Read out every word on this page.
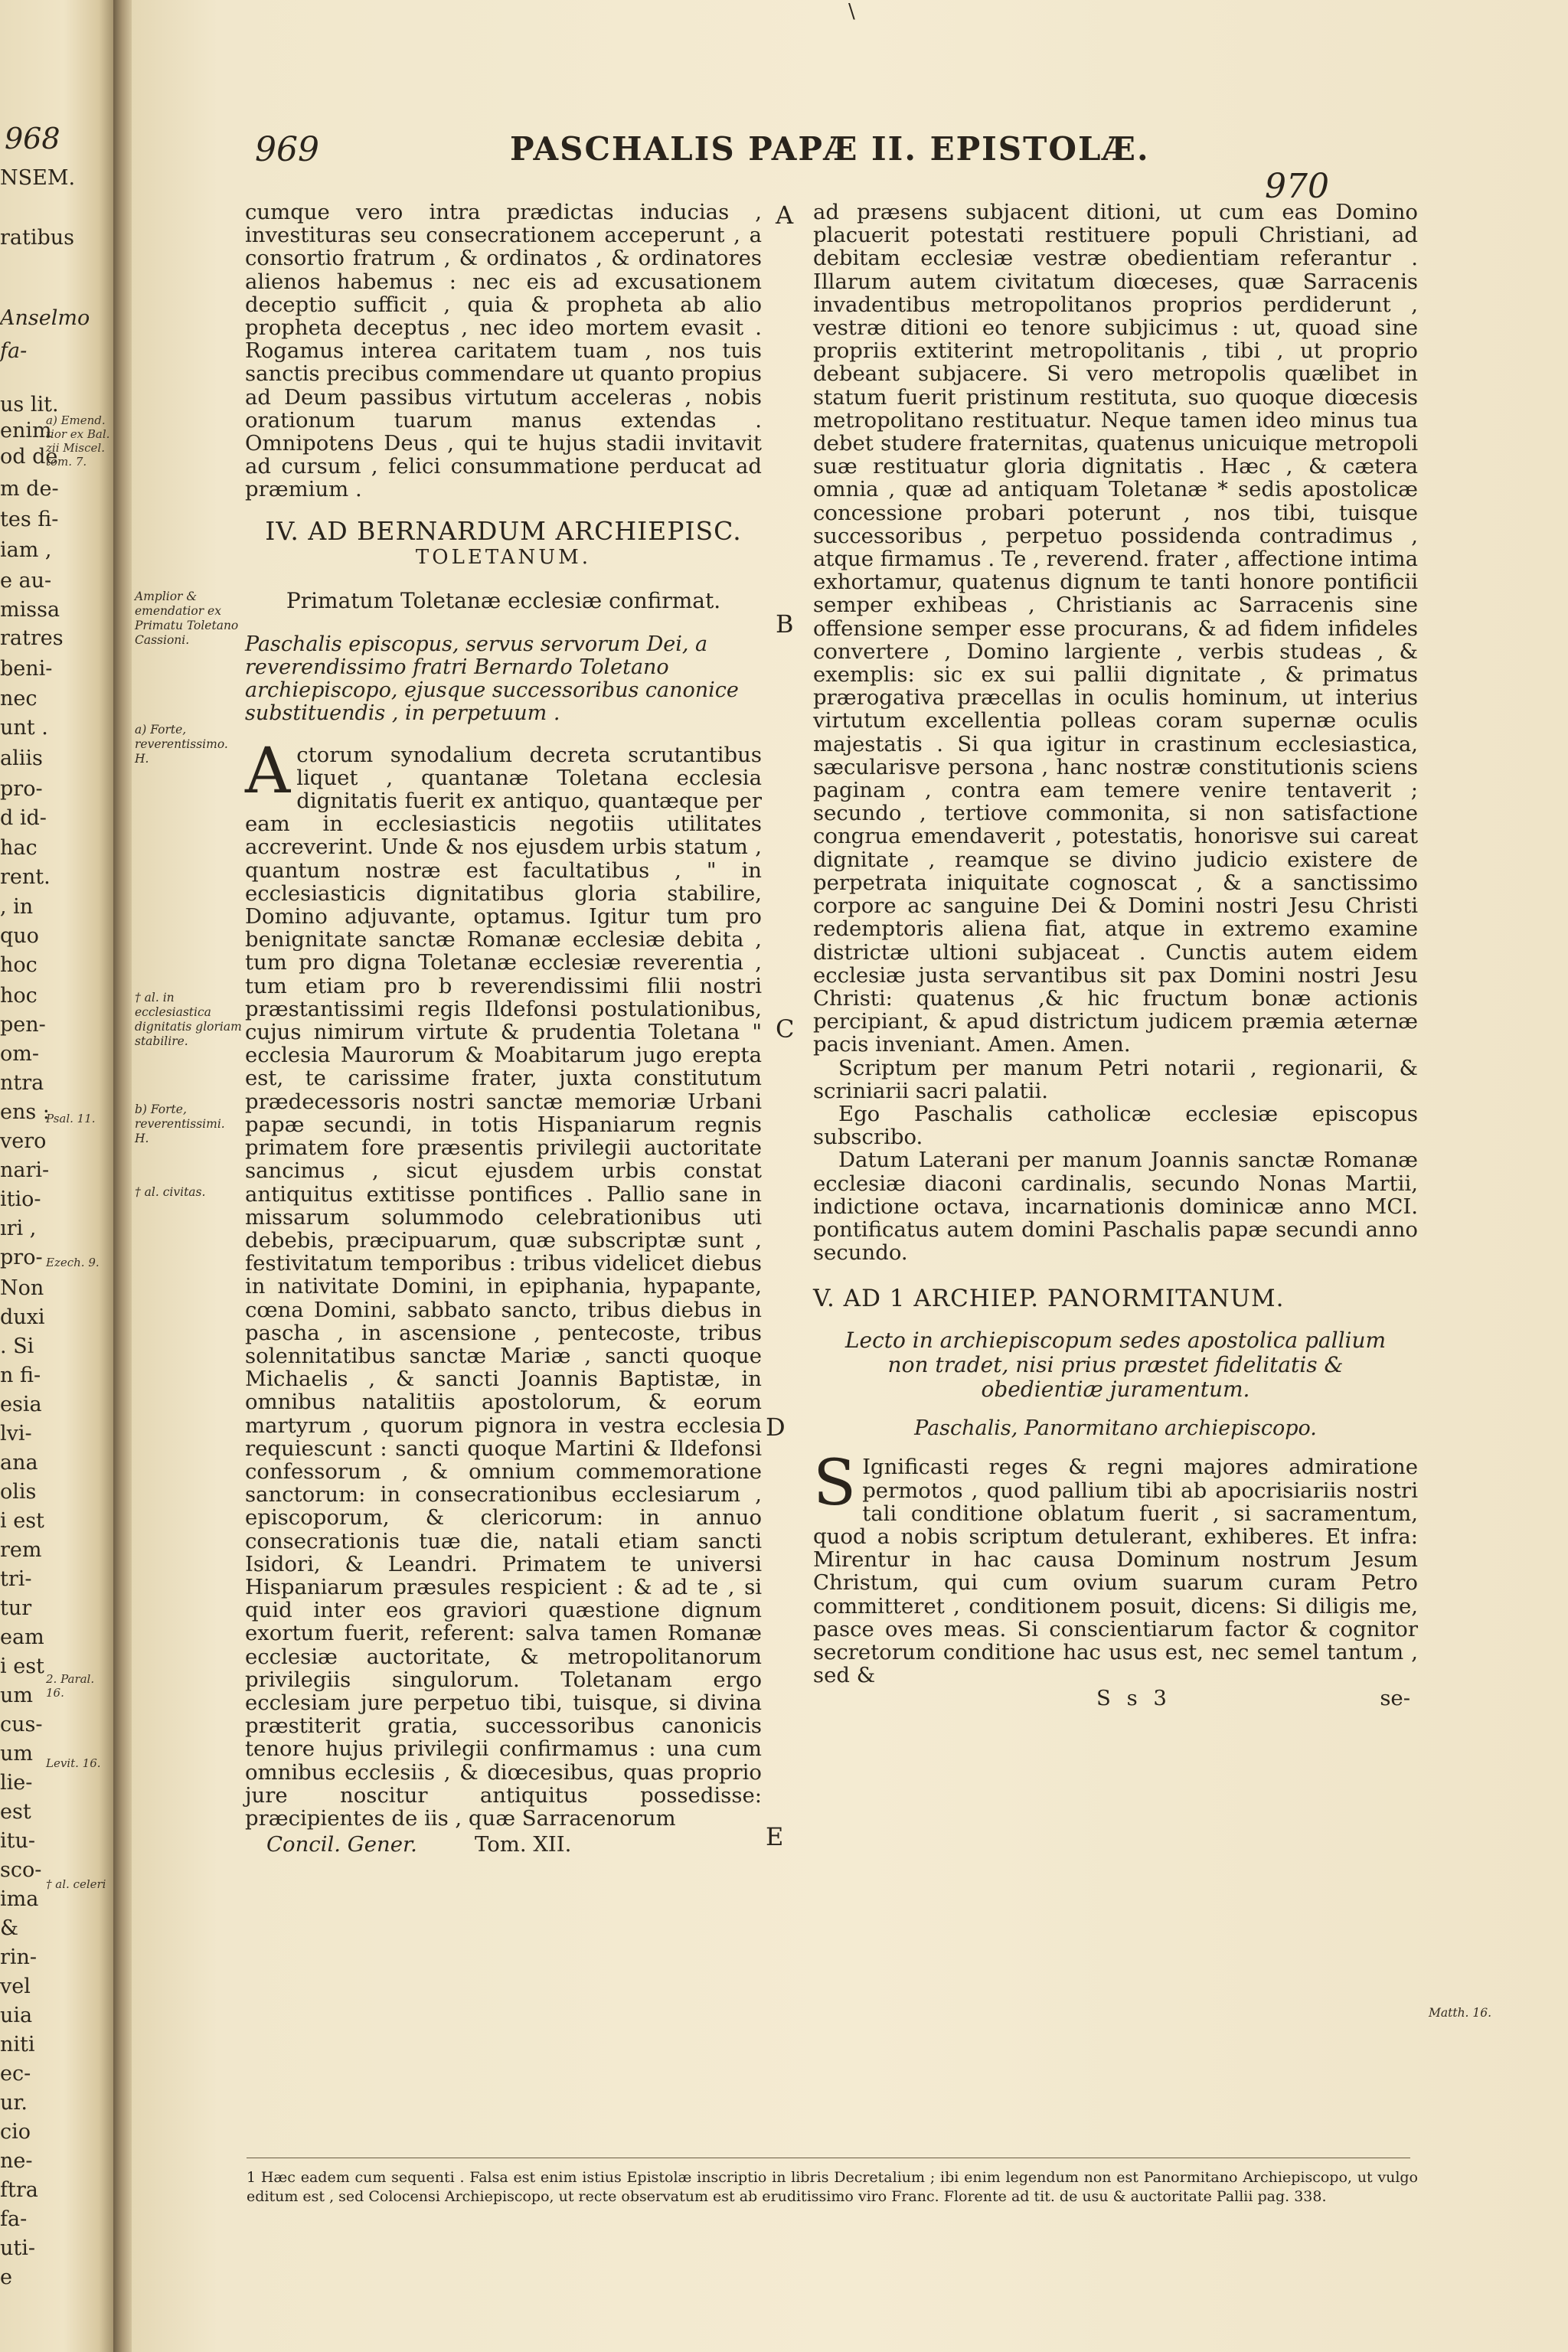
968
NSEM.
ratibus
Anselmo
fa-
us lit.
enim
od de
m de-
tes fi-
iam ,
e au-
missa
ratres
beni-
nec
unt .
aliis
pro-
d id-
hac
rent.
, in
quo
hoc
hoc
pen-
om-
ntra
ens :
vero
nari-
itio-
ıri ,
pro-
Non
duxi
. Si
n fi-
esia
lvi-
ana
olis
i est
rem
tri-
tur
eam
i est
um
cus-
um
lie-
est
itu-
sco-
ima
&
rin-
vel
uia
niti
ec-
ur.
cio
ne-
ftra
fa-
uti-
e
a) Emend. tior ex Bal. zii Miscel. tom. 7.
Psal. 11.
Ezech. 9.
2. Paral. 16.
Levit. 16.
† al. celeri
\
969	PASCHALIS PAPÆ II. EPISTOLÆ.
970

cumque vero intra prædictas inducias , investituras seu consecrationem acceperunt , a consortio fratrum , & ordinatos , & ordinatores alienos habemus : nec eis ad excusationem deceptio sufficit , quia & propheta ab alio propheta deceptus , nec ideo mortem evasit . Rogamus interea caritatem tuam , nos tuis sanctis precibus commendare ut quanto propius ad Deum passibus virtutum acceleras , nobis orationum tuarum manus extendas . Omnipotens Deus , qui te hujus stadii invitavit ad cursum , felici consummatione perducat ad præmium .

IV. AD BERNARDUM ARCHIEPISC.
TOLETANUM.
Primatum Toletanæ ecclesiæ confirmat.

Paschalis episcopus, servus servorum Dei, a reverendissimo fratri Bernardo Toletano archiepiscopo, ejusque successoribus canonice substituendis , in perpetuum .

A ctorum synodalium decreta scrutantibus liquet , quantanæ Toletana ecclesia dignitatis fuerit ex antiquo, quantæque per eam in ecclesiasticis negotiis utilitates accreverint. Unde & nos ejusdem urbis statum , quantum nostræ est facultatibus , " in ecclesiasticis dignitatibus gloria stabilire, Domino adjuvante, optamus. Igitur tum pro benignitate sanctæ Romanæ ecclesiæ debita , tum pro digna Toletanæ ecclesiæ reverentia , tum etiam pro b reverendissimi filii nostri præstantissimi regis Ildefonsi postulationibus, cujus nimirum virtute & prudentia Toletana " ecclesia Maurorum & Moabitarum jugo erepta est, te carissime frater, juxta constitutum prædecessoris nostri sanctæ memoriæ Urbani papæ secundi, in totis Hispaniarum regnis primatem fore præsentis privilegii auctoritate sancimus , sicut ejusdem urbis constat antiquitus extitisse pontifices . Pallio sane in missarum solummodo celebrationibus uti debebis, præcipuarum, quæ subscriptæ sunt , festivitatum temporibus : tribus videlicet diebus in nativitate Domini, in epiphania, hypapante, cœna Domini, sabbato sancto, tribus diebus in pascha , in ascensione , pentecoste, tribus solennitatibus sanctæ Mariæ , sancti quoque Michaelis , & sancti Joannis Baptistæ, in omnibus natalitiis apostolorum, & eorum martyrum , quorum pignora in vestra ecclesia requiescunt : sancti quoque Martini & Ildefonsi confessorum , & omnium commemoratione sanctorum: in consecrationibus ecclesiarum , episcoporum, & clericorum: in annuo consecrationis tuæ die, natali etiam sancti Isidori, & Leandri. Primatem te universi Hispaniarum præsules respicient : & ad te , si quid inter eos graviori quæstione dignum exortum fuerit, referent: salva tamen Romanæ ecclesiæ auctoritate, & metropolitanorum privilegiis singulorum. Toletanam ergo ecclesiam jure perpetuo tibi, tuisque, si divina præstiterit gratia, successoribus canonicis tenore hujus privilegii confirmamus : una cum omnibus ecclesiis , & diœcesibus, quas proprio jure noscitur antiquitus possedisse: præcipientes de iis , quæ Sarracenorum

Concil. Gener.	Tom. XII.

ad præsens subjacent ditioni, ut cum eas Domino placuerit potestati restituere populi Christiani, ad debitam ecclesiæ vestræ obedientiam referantur . Illarum autem civitatum diœceses, quæ Sarracenis invadentibus metropolitanos proprios perdiderunt , vestræ ditioni eo tenore subjicimus : ut, quoad sine propriis extiterint metropolitanis , tibi , ut proprio debeant subjacere. Si vero metropolis quælibet in statum fuerit pristinum restituta, suo quoque diœcesis metropolitano restituatur. Neque tamen ideo minus tua debet studere fraternitas, quatenus unicuique metropoli suæ restituatur gloria dignitatis . Hæc , & cætera omnia , quæ ad antiquam Toletanæ * sedis apostolicæ concessione probari poterunt , nos tibi, tuisque successoribus , perpetuo possidenda contradimus , atque firmamus . Te , reverend. frater , affectione intima exhortamur, quatenus dignum te tanti honore pontificii semper exhibeas , Christianis ac Sarracenis sine offensione semper esse procurans, & ad fidem infideles convertere , Domino largiente , verbis studeas , & exemplis: sic ex sui pallii dignitate , & primatus prærogativa præcellas in oculis hominum, ut interius virtutum excellentia polleas coram supernæ oculis majestatis . Si qua igitur in crastinum ecclesiastica, sæcularisve persona , hanc nostræ constitutionis sciens paginam , contra eam temere venire tentaverit ; secundo , tertiove commonita, si non satisfactione congrua emendaverit , potestatis, honorisve sui careat dignitate , reamque se divino judicio existere de perpetrata iniquitate cognoscat , & a sanctissimo corpore ac sanguine Dei & Domini nostri Jesu Christi redemptoris aliena fiat, atque in extremo examine districtæ ultioni subjaceat . Cunctis autem eidem ecclesiæ justa servantibus sit pax Domini nostri Jesu Christi: quatenus ,& hic fructum bonæ actionis percipiant, & apud districtum judicem præmia æternæ pacis inveniant. Amen. Amen.

Scriptum per manum Petri notarii , regionarii, & scriniarii sacri palatii.

Ego Paschalis catholicæ ecclesiæ episcopus subscribo.

Datum Laterani per manum Joannis sanctæ Romanæ ecclesiæ diaconi cardinalis, secundo Nonas Martii, indictione octava, incarnationis dominicæ anno MCI. pontificatus autem domini Paschalis papæ secundi anno secundo.

V. AD 1 ARCHIEP. PANORMITANUM.
Lecto in archiepiscopum sedes apostolica pallium non tradet, nisi prius præstet fidelitatis & obedientiæ juramentum.

Paschalis, Panormitano archiepiscopo.

S Ignificasti reges & regni majores admiratione permotos , quod pallium tibi ab apocrisiariis nostri tali conditione oblatum fuerit , si sacramentum, quod a nobis scriptum detulerant, exhiberes. Et infra: Mirentur in hac causa Dominum nostrum Jesum Christum, qui cum ovium suarum curam Petro committeret , conditionem posuit, dicens: Si diligis me, pasce oves meas. Si conscientiarum factor & cognitor secretorum conditione hac usus est, nec semel tantum , sed &

S s 3	se-
Amplior & emendatior ex Primatu Toletano Cassioni.
a) Forte, reverentissimo. H.
† al. in ecclesiastica dignitatis gloriam stabilire.
b) Forte, reverentissimi. H.
† al. civitas.
Matth. 16.
A
B
C
D
E
1 Hæc eadem cum sequenti . Falsa est enim istius Epistolæ inscriptio in libris Decretalium ; ibi enim legendum non est Panormitano Archiepiscopo, ut vulgo editum est , sed Colocensi Archiepiscopo, ut recte observatum est ab eruditissimo viro Franc. Florente ad tit. de usu & auctoritate Pallii pag. 338.
